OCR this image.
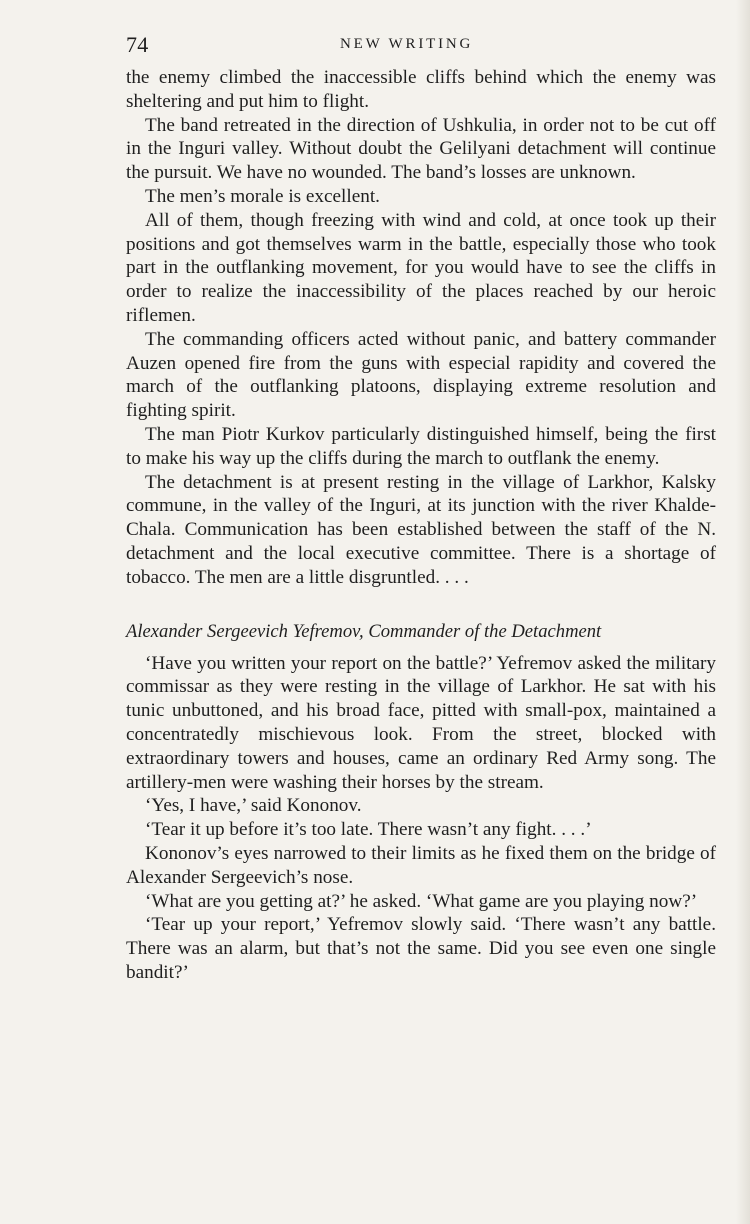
74	NEW WRITING

the enemy climbed the inaccessible cliffs behind which the enemy was sheltering and put him to flight.

The band retreated in the direction of Ushkulia, in order not to be cut off in the Inguri valley. Without doubt the Gelilyani detachment will continue the pursuit. We have no wounded. The band’s losses are unknown.

The men’s morale is excellent.

All of them, though freezing with wind and cold, at once took up their positions and got themselves warm in the battle, especially those who took part in the outflanking movement, for you would have to see the cliffs in order to realize the inaccessibility of the places reached by our heroic riflemen.

The commanding officers acted without panic, and battery commander Auzen opened fire from the guns with especial rapidity and covered the march of the outflanking platoons, displaying extreme resolution and fighting spirit.

The man Piotr Kurkov particularly distinguished himself, being the first to make his way up the cliffs during the march to outflank the enemy.

The detachment is at present resting in the village of Larkhor, Kalsky commune, in the valley of the Inguri, at its junction with the river Khalde-Chala. Communication has been established between the staff of the N. detachment and the local executive committee. There is a shortage of tobacco. The men are a little disgruntled. . . .

Alexander Sergeevich Yefremov, Commander of the Detachment

‘Have you written your report on the battle?’ Yefremov asked the military commissar as they were resting in the village of Larkhor. He sat with his tunic unbuttoned, and his broad face, pitted with small-pox, maintained a concentratedly mischievous look. From the street, blocked with extraordinary towers and houses, came an ordinary Red Army song. The artillery-men were washing their horses by the stream.

‘Yes, I have,’ said Kononov.

‘Tear it up before it’s too late. There wasn’t any fight. . . .’

Kononov’s eyes narrowed to their limits as he fixed them on the bridge of Alexander Sergeevich’s nose.

‘What are you getting at?’ he asked. ‘What game are you playing now?’

‘Tear up your report,’ Yefremov slowly said. ‘There wasn’t any battle. There was an alarm, but that’s not the same. Did you see even one single bandit?’
